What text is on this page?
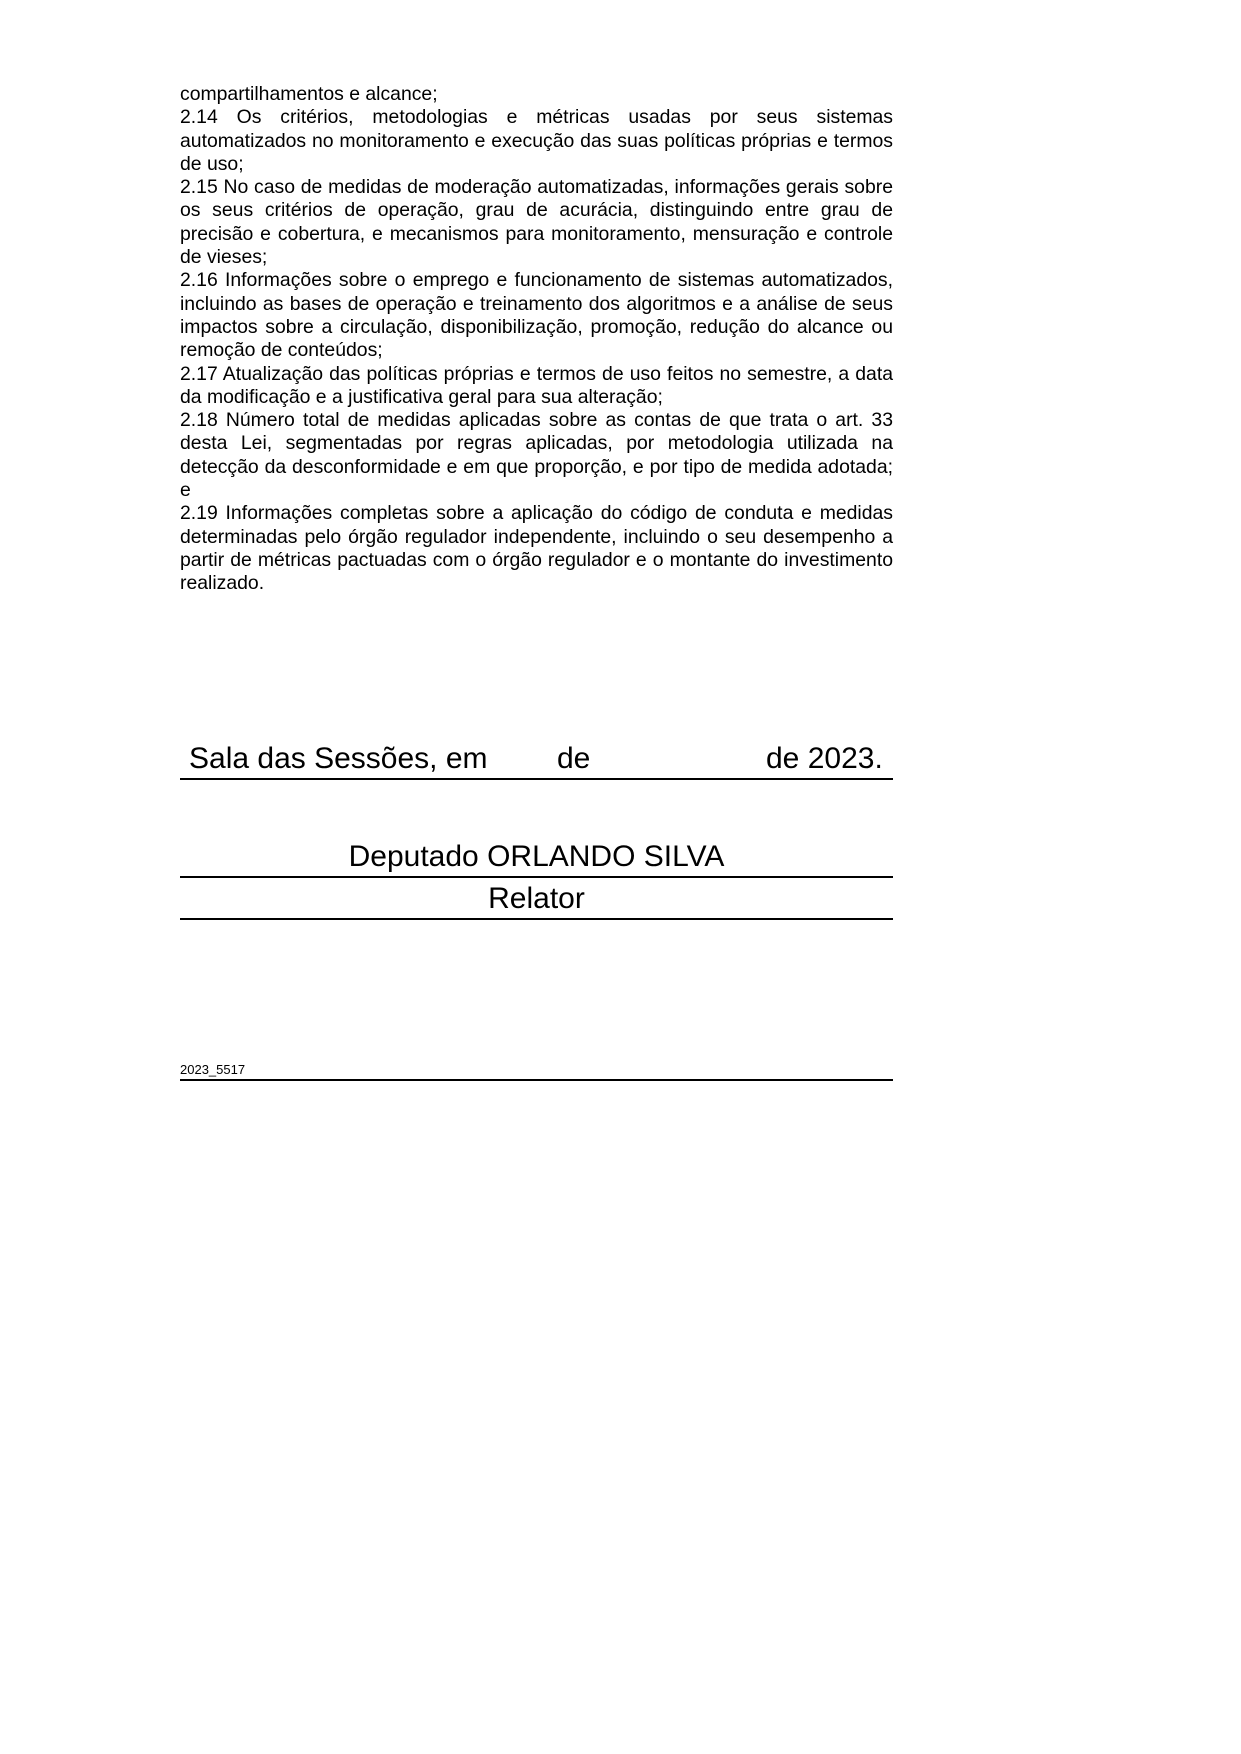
compartilhamentos e alcance;

2.14 Os critérios, metodologias e métricas usadas por seus sistemas automatizados no monitoramento e execução das suas políticas próprias e termos de uso;

2.15 No caso de medidas de moderação automatizadas, informações gerais sobre os seus critérios de operação, grau de acurácia, distinguindo entre grau de precisão e cobertura, e mecanismos para monitoramento, mensuração e controle de vieses;

2.16 Informações sobre o emprego e funcionamento de sistemas automatizados, incluindo as bases de operação e treinamento dos algoritmos e a análise de seus impactos sobre a circulação, disponibilização, promoção, redução do alcance ou remoção de conteúdos;

2.17 Atualização das políticas próprias e termos de uso feitos no semestre, a data da modificação e a justificativa geral para sua alteração;

2.18 Número total de medidas aplicadas sobre as contas de que trata o art. 33 desta Lei, segmentadas por regras aplicadas, por metodologia utilizada na detecção da desconformidade e em que proporção, e por tipo de medida adotada; e

2.19 Informações completas sobre a aplicação do código de conduta e medidas determinadas pelo órgão regulador independente, incluindo o seu desempenho a partir de métricas pactuadas com o órgão regulador e o montante do investimento realizado.

Sala das Sessões, em de	de 2023.
Deputado ORLANDO SILVA
Relator
2023_5517
